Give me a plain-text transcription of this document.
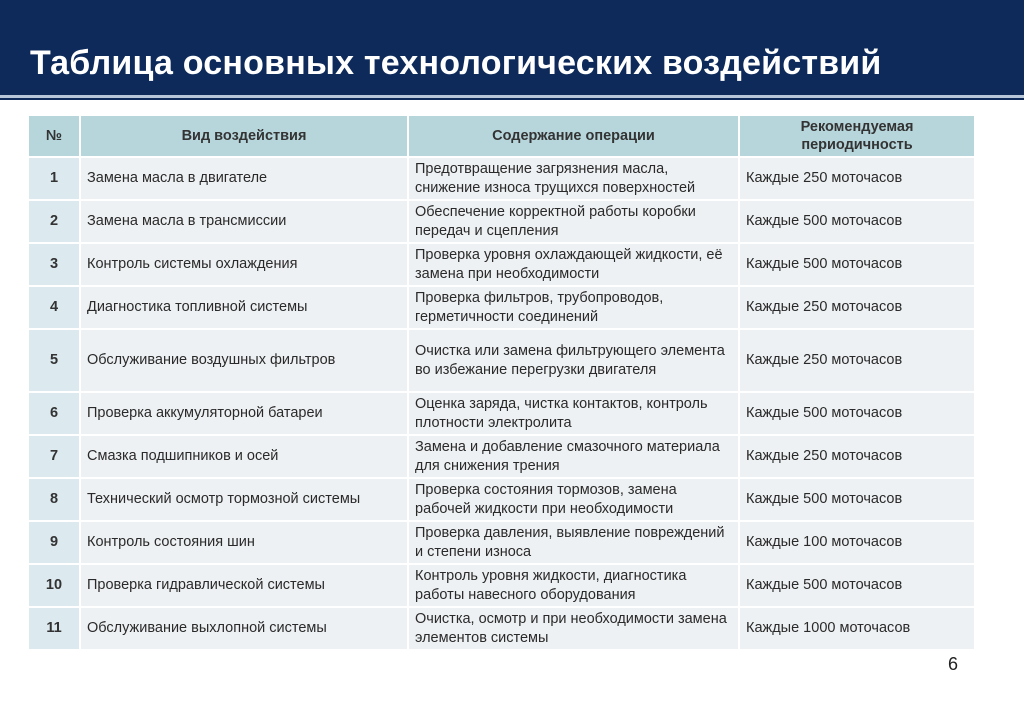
Таблица основных технологических воздействий
№	Вид воздействия	Содержание операции	Рекомендуемая периодичность

1	Замена масла в двигателе	Предотвращение загрязнения масла, снижение износа трущихся поверхностей	Каждые 250 моточасов
2	Замена масла в трансмиссии	Обеспечение корректной работы коробки передач и сцепления	Каждые 500 моточасов
3	Контроль системы охлаждения	Проверка уровня охлаждающей жидкости, её замена при необходимости	Каждые 500 моточасов
4	Диагностика топливной системы	Проверка фильтров, трубопроводов, герметичности соединений	Каждые 250 моточасов
5	Обслуживание воздушных фильтров	Очистка или замена фильтрующего элемента во избежание перегрузки двигателя	Каждые 250 моточасов
6	Проверка аккумуляторной батареи	Оценка заряда, чистка контактов, контроль плотности электролита	Каждые 500 моточасов
7	Смазка подшипников и осей	Замена и добавление смазочного материала для снижения трения	Каждые 250 моточасов
8	Технический осмотр тормозной системы	Проверка состояния тормозов, замена рабочей жидкости при необходимости	Каждые 500 моточасов
9	Контроль состояния шин	Проверка давления, выявление повреждений и степени износа	Каждые 100 моточасов
10	Проверка гидравлической системы	Контроль уровня жидкости, диагностика работы навесного оборудования	Каждые 500 моточасов
11	Обслуживание выхлопной системы	Очистка, осмотр и при необходимости замена элементов системы	Каждые 1000 моточасов
6
